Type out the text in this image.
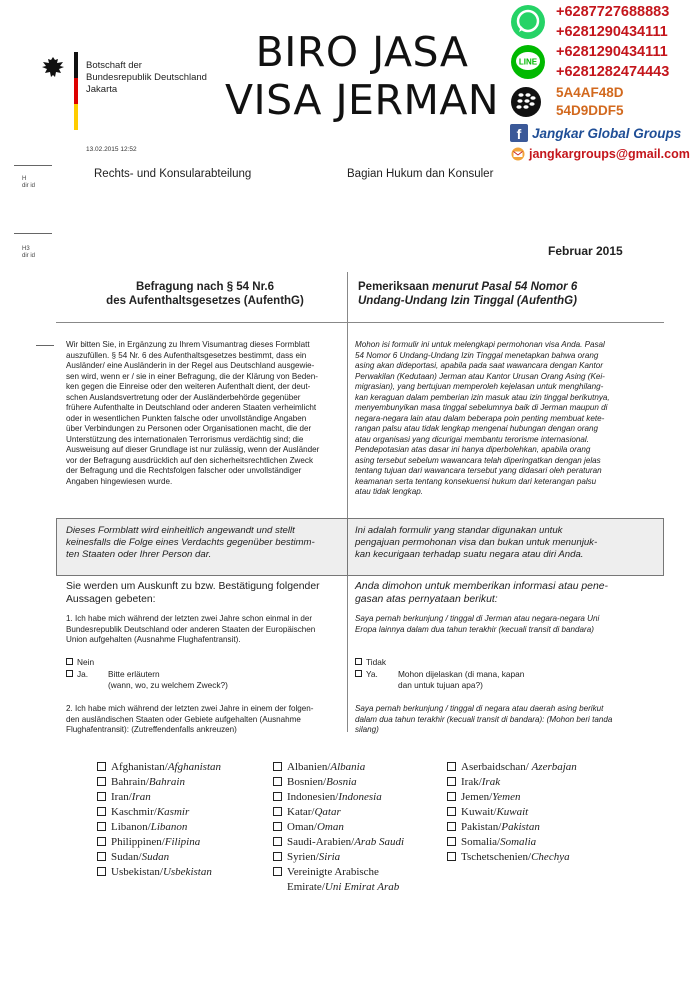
Botschaft der
Bundesrepublik Deutschland
Jakarta
BIRO JASA
VISA JERMAN
13.02.2015 12:52
+6287727688883
+6281290434111
LINE
+6281290434111
+6281282474443
5A4AF48D
54D9DDF5
f Jangkar Global Groups
jangkargroups@gmail.com
H
dir id
H3
dir id
Rechts- und Konsularabteilung	Bagian Hukum dan Konsuler
Februar 2015
Befragung nach § 54 Nr.6
des Aufenthaltsgesetzes (AufenthG)
Pemeriksaan menurut Pasal 54 Nomor 6
Undang-Undang Izin Tinggal (AufenthG)
Wir bitten Sie, in Ergänzung zu Ihrem Visumantrag dieses Formblatt
auszufüllen. § 54 Nr. 6 des Aufenthaltsgesetzes bestimmt, dass ein
Ausländer/ eine Ausländerin in der Regel aus Deutschland ausgewie-
sen wird, wenn er / sie in einer Befragung, die der Klärung von Beden-
ken gegen die Einreise oder den weiteren Aufenthalt dient, der deut-
schen Auslandsvertretung oder der Ausländerbehörde gegenüber
frühere Aufenthalte in Deutschland oder anderen Staaten verheimlicht
oder in wesentlichen Punkten falsche oder unvollständige Angaben
über Verbindungen zu Personen oder Organisationen macht, die der
Unterstützung des internationalen Terrorismus verdächtig sind; die
Ausweisung auf dieser Grundlage ist nur zulässig, wenn der Ausländer
vor der Befragung ausdrücklich auf den sicherheitsrechtlichen Zweck
der Befragung und die Rechtsfolgen falscher oder unvollständiger
Angaben hingewiesen wurde.
Mohon isi formulir ini untuk melengkapi permohonan visa Anda. Pasal
54 Nomor 6 Undang-Undang Izin Tinggal menetapkan bahwa orang
asing akan dideportasi, apabila pada saat wawancara dengan Kantor
Perwakilan (Kedutaan) Jerman atau Kantor Urusan Orang Asing (Kei-
migrasian), yang bertujuan memperoleh kejelasan untuk menghilang-
kan keraguan dalam pemberian izin masuk atau izin tinggal berikutnya,
menyembunyikan masa tinggal sebelumnya baik di Jerman maupun di
negara-negara lain atau dalam beberapa poin penting membuat kete-
rangan palsu atau tidak lengkap mengenai hubungan dengan orang
atau organisasi yang dicurigai membantu terorisme internasional.
Pendepotasian atas dasar ini hanya diperbolehkan, apabila orang
asing tersebut sebelum wawancara telah diperingatkan dengan jelas
tentang tujuan dari wawancara tersebut yang didasari oleh peraturan
keamanan serta tentang konsekuensi hukum dari keterangan palsu
atau tidak lengkap.
Dieses Formblatt wird einheitlich angewandt und stellt
keinesfalls die Folge eines Verdachts gegenüber bestimm-
ten Staaten oder Ihrer Person dar.
Ini adalah formulir yang standar digunakan untuk
pengajuan permohonan visa dan bukan untuk menunjuk-
kan kecurigaan terhadap suatu negara atau diri Anda.
Sie werden um Auskunft zu bzw. Bestätigung folgender
Aussagen gebeten:
Anda dimohon untuk memberikan informasi atau pene-
gasan atas pernyataan berikut:
1. Ich habe mich während der letzten zwei Jahre schon einmal in der
Bundesrepublik Deutschland oder anderen Staaten der Europäischen
Union aufgehalten (Ausnahme Flughafentransit).
Saya pernah berkunjung / tinggal di Jerman atau negara-negara Uni
Eropa lainnya dalam dua tahun terakhir (kecuali transit di bandara)
Nein
Ja. Bitte erläutern
(wann, wo, zu welchem Zweck?)
Tidak
Ya. Mohon dijelaskan (di mana, kapan
dan untuk tujuan apa?)
2. Ich habe mich während der letzten zwei Jahre in einem der folgen-
den ausländischen Staaten oder Gebiete aufgehalten (Ausnahme
Flughafentransit): (Zutreffendenfalls ankreuzen)
Saya pernah berkunjung / tinggal di negara atau daerah asing berikut
dalam dua tahun terakhir (kecuali transit di bandara): (Mohon beri tanda
silang)
Afghanistan/Afghanistan
Bahrain/Bahrain
Iran/Iran
Kaschmir/Kasmir
Libanon/Libanon
Philippinen/Filipina
Sudan/Sudan
Usbekistan/Usbekistan
Albanien/Albania
Bosnien/Bosnia
Indonesien/Indonesia
Katar/Qatar
Oman/Oman
Saudi-Arabien/Arab Saudi
Syrien/Siria
Vereinigte Arabische
Emirate/Uni Emirat Arab
Aserbaidschan/ Azerbajan
Irak/Irak
Jemen/Yemen
Kuwait/Kuwait
Pakistan/Pakistan
Somalia/Somalia
Tschetschenien/Chechya
